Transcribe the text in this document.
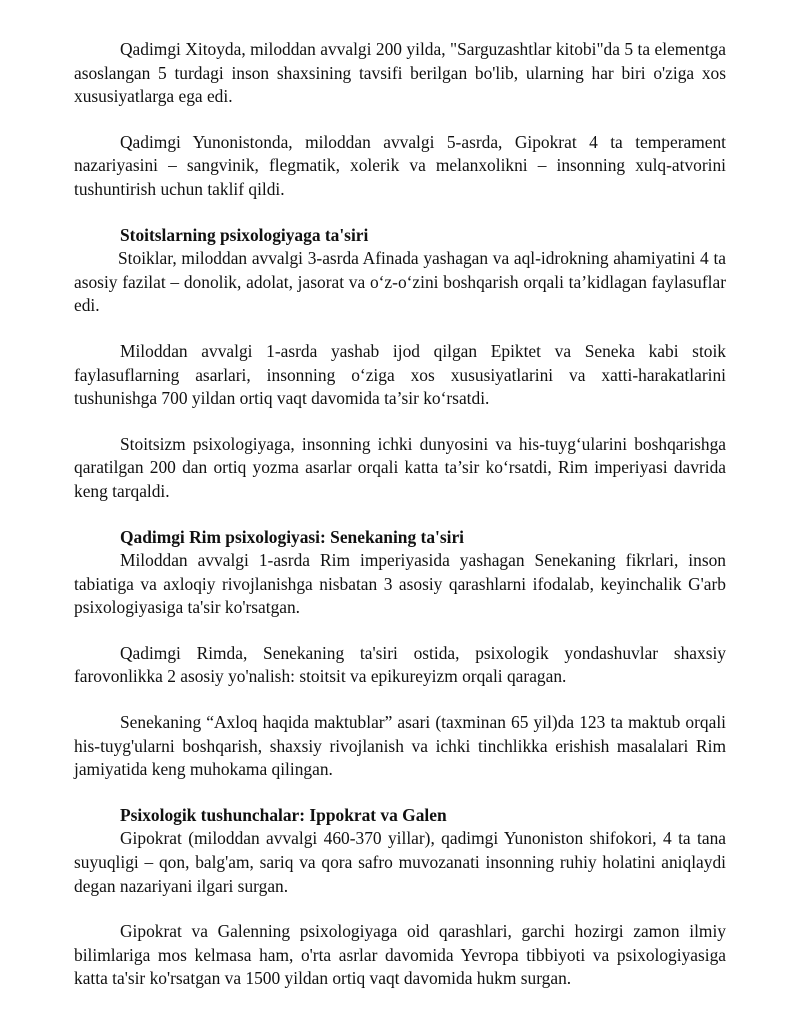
Qadimgi Xitoyda, miloddan avvalgi 200 yilda, "Sarguzashtlar kitobi"da 5 ta elementga asoslangan 5 turdagi inson shaxsining tavsifi berilgan bo'lib, ularning har biri o'ziga xos xususiyatlarga ega edi.

Qadimgi Yunonistonda, miloddan avvalgi 5-asrda, Gipokrat 4 ta temperament nazariyasini – sangvinik, flegmatik, xolerik va melanxolikni – insonning xulq-atvorini tushuntirish uchun taklif qildi.

Stoitslarning psixologiyaga ta'siri

Stoiklar, miloddan avvalgi 3-asrda Afinada yashagan va aql-idrokning ahamiyatini 4 ta asosiy fazilat – donolik, adolat, jasorat va o‘z-o‘zini boshqarish orqali ta’kidlagan faylasuflar edi.

Miloddan avvalgi 1-asrda yashab ijod qilgan Epiktet va Seneka kabi stoik faylasuflarning asarlari, insonning o‘ziga xos xususiyatlarini va xatti-harakatlarini tushunishga 700 yildan ortiq vaqt davomida ta’sir ko‘rsatdi.

Stoitsizm psixologiyaga, insonning ichki dunyosini va his-tuyg‘ularini boshqarishga qaratilgan 200 dan ortiq yozma asarlar orqali katta ta’sir ko‘rsatdi, Rim imperiyasi davrida keng tarqaldi.

Qadimgi Rim psixologiyasi: Senekaning ta'siri

Miloddan avvalgi 1-asrda Rim imperiyasida yashagan Senekaning fikrlari, inson tabiatiga va axloqiy rivojlanishga nisbatan 3 asosiy qarashlarni ifodalab, keyinchalik G'arb psixologiyasiga ta'sir ko'rsatgan.

Qadimgi Rimda, Senekaning ta'siri ostida, psixologik yondashuvlar shaxsiy farovonlikka 2 asosiy yo'nalish: stoitsit va epikureyizm orqali qaragan.

Senekaning “Axloq haqida maktublar” asari (taxminan 65 yil)da 123 ta maktub orqali his-tuyg'ularni boshqarish, shaxsiy rivojlanish va ichki tinchlikka erishish masalalari Rim jamiyatida keng muhokama qilingan.

Psixologik tushunchalar: Ippokrat va Galen

Gipokrat (miloddan avvalgi 460-370 yillar), qadimgi Yunoniston shifokori, 4 ta tana suyuqligi – qon, balg'am, sariq va qora safro muvozanati insonning ruhiy holatini aniqlaydi degan nazariyani ilgari surgan.

Gipokrat va Galenning psixologiyaga oid qarashlari, garchi hozirgi zamon ilmiy bilimlariga mos kelmasa ham, o'rta asrlar davomida Yevropa tibbiyoti va psixologiyasiga katta ta'sir ko'rsatgan va 1500 yildan ortiq vaqt davomida hukm surgan.
